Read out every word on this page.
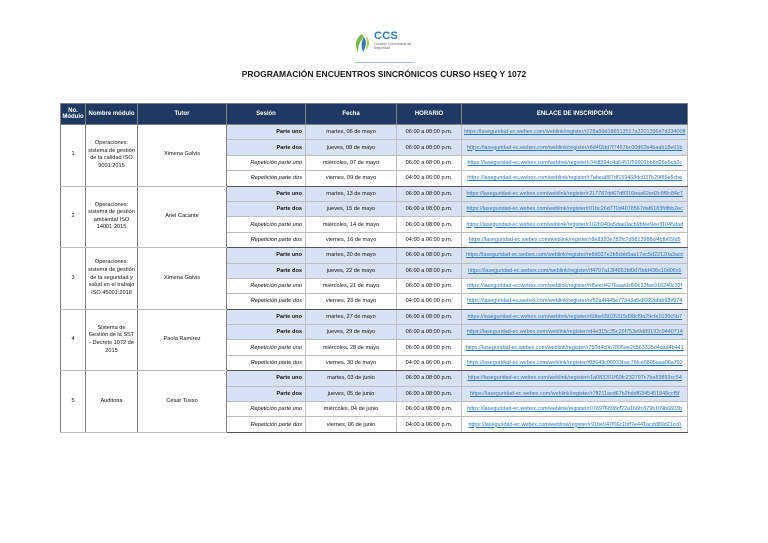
CCS
Consejo Colombiano de Seguridad
PROGRAMACIÓN ENCUENTROS SINCRÓNICOS CURSO HSEQ Y 1072
No. Módulo	Nombre módulo	Tutor	Sesión	Fecha	HORARIO	ENLACE DE INSCRIPCIÓN
1	Operaciones: sistema de gestión de la calidad ISO 9001:2015	Ximena Galvis	Parte uno	martes, 06 de mayo	06:00 a 08:00 p.m.	https://laseguridad-ec.webex.com/weblink/register/r228a99d186513517a3201396d7d334008
			Parte dos	jueves, 08 de mayo	06:00 a 08:00 p.m.	https://laseguridad-ec.webex.com/weblink/register/r8d4f2dd7f7457bc00d62b4baab18e01b
			Repetición parte uno	miércoles, 07 de mayo	06:00 a 08:00 p.m.	https://laseguridad-ec.webex.com/weblink/register/r34df394c4a6451f59901bb6d26e5cb2c
			Repetición parte dos	viernes, 09 de mayo	04:00 a 06:00 p.m.	https://laseguridad-ec.webex.com/weblink/register/r7abea887df159468dc037b29f85e5cbe
2	Operaciones: sistema de gestión ambiental ISO 14001:2015	Ariel Cacante	Parte uno	martes, 13 de mayo	06:00 a 08:00 p.m.	https://laseguridad-ec.webex.com/weblink/register/r217787dd67d8316baa62ed3c8f9c84e7
			Parte dos	jueves, 15 de mayo	06:00 a 08:00 p.m.	https://laseguridad-ec.webex.com/weblink/register/r01bc26d770d4078567daf6183fdfbb2ec
			Repetición parte uno	miércoles, 14 de mayo	06:00 a 08:00 p.m.	https://laseguridad-ec.webex.com/weblink/register/r102b940a5dae0acb9bfee9ee31045dad
			Repetición parte dos	viernes, 16 de mayo	04:00 a 06:00 p.m.	https://laseguridad-ec.webex.com/weblink/register/r8e8320e782fc7d9813988cf4bfb65fd5
3	Operaciones: sistema de gestión de la seguridad y salud en el trabajo ISO 45001:2018	Ximena Galvis	Parte uno	martes, 20 de mayo	06:00 a 08:00 p.m.	https://laseguridad-ec.webex.com/weblink/register/re8d037e2b5cbb5aa17ec5d22120a3acc
			Parte dos	jueves, 22 de mayo	06:00 a 08:00 p.m.	https://laseguridad-ec.webex.com/weblink/register/rf4707a13f4651fd0d79dd436c10d06c6
			Repetición parte uno	miércoles, 21 de mayo	06:00 a 08:00 p.m.	https://laseguridad-ec.webex.com/weblink/register/rd5eed4276aaa1d99c33fae918240c32f
			Repetición parte dos	viernes, 23 de mayo	04:00 a 06:00 p.m.	https://laseguridad-ec.webex.com/weblink/register/re52a4f445e77343a5cb922afab98e974
4	Sistema de Gestión de la SST - Decreto 1072 de 2015	Paola Ramírez	Parte uno	martes, 27 de mayo	06:00 a 08:00 p.m.	https://laseguridad-ec.webex.com/weblink/register/r69be65026315d98cf9a29cfa1036c5b7
			Parte dos	jueves, 29 de mayo	06:00 a 08:00 p.m.	https://laseguridad-ec.webex.com/weblink/register/rd4e315c35c26f753e9d89192c9440714
			Repetición parte uno	miércoles, 28 de mayo	06:00 a 08:00 p.m.	https://laseguridad-ec.webex.com/weblink/register/r750d4c0b7895ee2c563335d4dad4b441
			Repetición parte dos	viernes, 30 de mayo	04:00 a 06:00 p.m.	https://laseguridad-ec.webex.com/weblink/register/r08649c08933bac78fce0805aaa06a792
5	Auditoria	Cesar Tusso	Parte uno	martes, 03 de junio	06:00 a 08:00 p.m.	https://laseguridad-ec.webex.com/weblink/register/r1a083201f60fc232797c7ba83893cc54
			Parte dos	jueves, 05 de junio	06:00 a 08:00 p.m.	https://laseguridad-ec.webex.com/weblink/register/r7ff211acd67b2bddf6345451848ccf5f
			Repetición parte uno	miércoles, 04 de junio	06:00 a 08:00 p.m.	https://laseguridad-ec.webex.com/weblink/register/r078976898cf22a166fc879b109b6603b
			Repetición parte dos	viernes, 06 de junio	04:00 a 06:00 p.m.	https://laseguridad-ec.webex.com/weblink/register/r91be047f06c1bff7e441acdd89d21cc0
